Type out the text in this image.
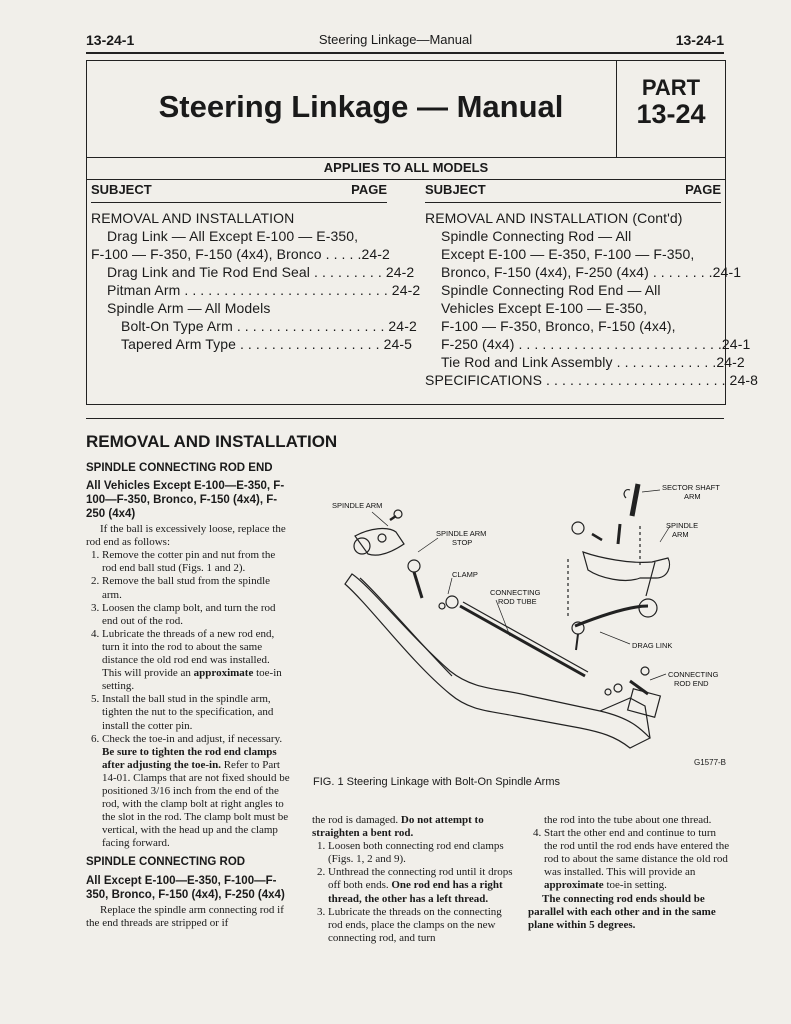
13-24-1	Steering Linkage—Manual	13-24-1
Steering Linkage — Manual
PART
13-24
APPLIES TO ALL MODELS
SUBJECT	PAGE
REMOVAL AND INSTALLATION
Drag Link — All Except E-100 — E-350,
F-100 — F-350, F-150 (4x4), Bronco . . . . .24-2
Drag Link and Tie Rod End Seal . . . . . . . . . 24-2
Pitman Arm . . . . . . . . . . . . . . . . . . . . . . . . . . 24-2
Spindle Arm — All Models
Bolt-On Type Arm . . . . . . . . . . . . . . . . . . . 24-2
Tapered Arm Type . . . . . . . . . . . . . . . . . . 24-5
SUBJECT	PAGE
REMOVAL AND INSTALLATION (Cont'd)
Spindle Connecting Rod — All
Except E-100 — E-350, F-100 — F-350,
Bronco, F-150 (4x4), F-250 (4x4) . . . . . . . .24-1
Spindle Connecting Rod End — All
Vehicles Except E-100 — E-350,
F-100 — F-350, Bronco, F-150 (4x4),
F-250 (4x4) . . . . . . . . . . . . . . . . . . . . . . . . . .24-1
Tie Rod and Link Assembly . . . . . . . . . . . . .24-2
SPECIFICATIONS . . . . . . . . . . . . . . . . . . . . . . . 24-8
REMOVAL AND INSTALLATION
SPINDLE CONNECTING ROD END
All Vehicles Except E-100—E-350, F-100—F-350, Bronco, F-150 (4x4), F-250 (4x4)

If the ball is excessively loose, replace the rod end as follows:

1. Remove the cotter pin and nut from the rod end ball stud (Figs. 1 and 2).
2. Remove the ball stud from the spindle arm.
3. Loosen the clamp bolt, and turn the rod end out of the rod.
4. Lubricate the threads of a new rod end, turn it into the rod to about the same distance the old rod end was installed. This will provide an approximate toe-in setting.
5. Install the ball stud in the spindle arm, tighten the nut to the specification, and install the cotter pin.
6. Check the toe-in and adjust, if necessary. Be sure to tighten the rod end clamps after adjusting the toe-in. Refer to Part 14-01. Clamps that are not fixed should be positioned 3/16 inch from the end of the rod, with the clamp bolt at right angles to the slot in the rod. The clamp bolt must be vertical, with the head up and the clamp facing forward.
SPINDLE CONNECTING ROD
All Except E-100—E-350, F-100—F-350, Bronco, F-150 (4x4), F-250 (4x4)

Replace the spindle arm connecting rod if the end threads are stripped or if

SPINDLE ARM
SPINDLE ARM
STOP
CLAMP
CONNECTING
ROD TUBE
SECTOR SHAFT
ARM
SPINDLE
ARM
DRAG LINK
CONNECTING
ROD END
G1577-B
FIG. 1 Steering Linkage with Bolt-On Spindle Arms

the rod is damaged. Do not attempt to straighten a bent rod.

1. Loosen both connecting rod end clamps (Figs. 1, 2 and 9).
2. Unthread the connecting rod until it drops off both ends. One rod end has a right thread, the other has a left thread.
3. Lubricate the threads on the connecting rod ends, place the clamps on the new connecting rod, and turn

the rod into the tube about one thread.

4. Start the other end and continue to turn the rod until the rod ends have entered the rod to about the same distance the old rod was installed. This will provide an approximate toe-in setting.

The connecting rod ends should be parallel with each other and in the same plane within 5 degrees.
